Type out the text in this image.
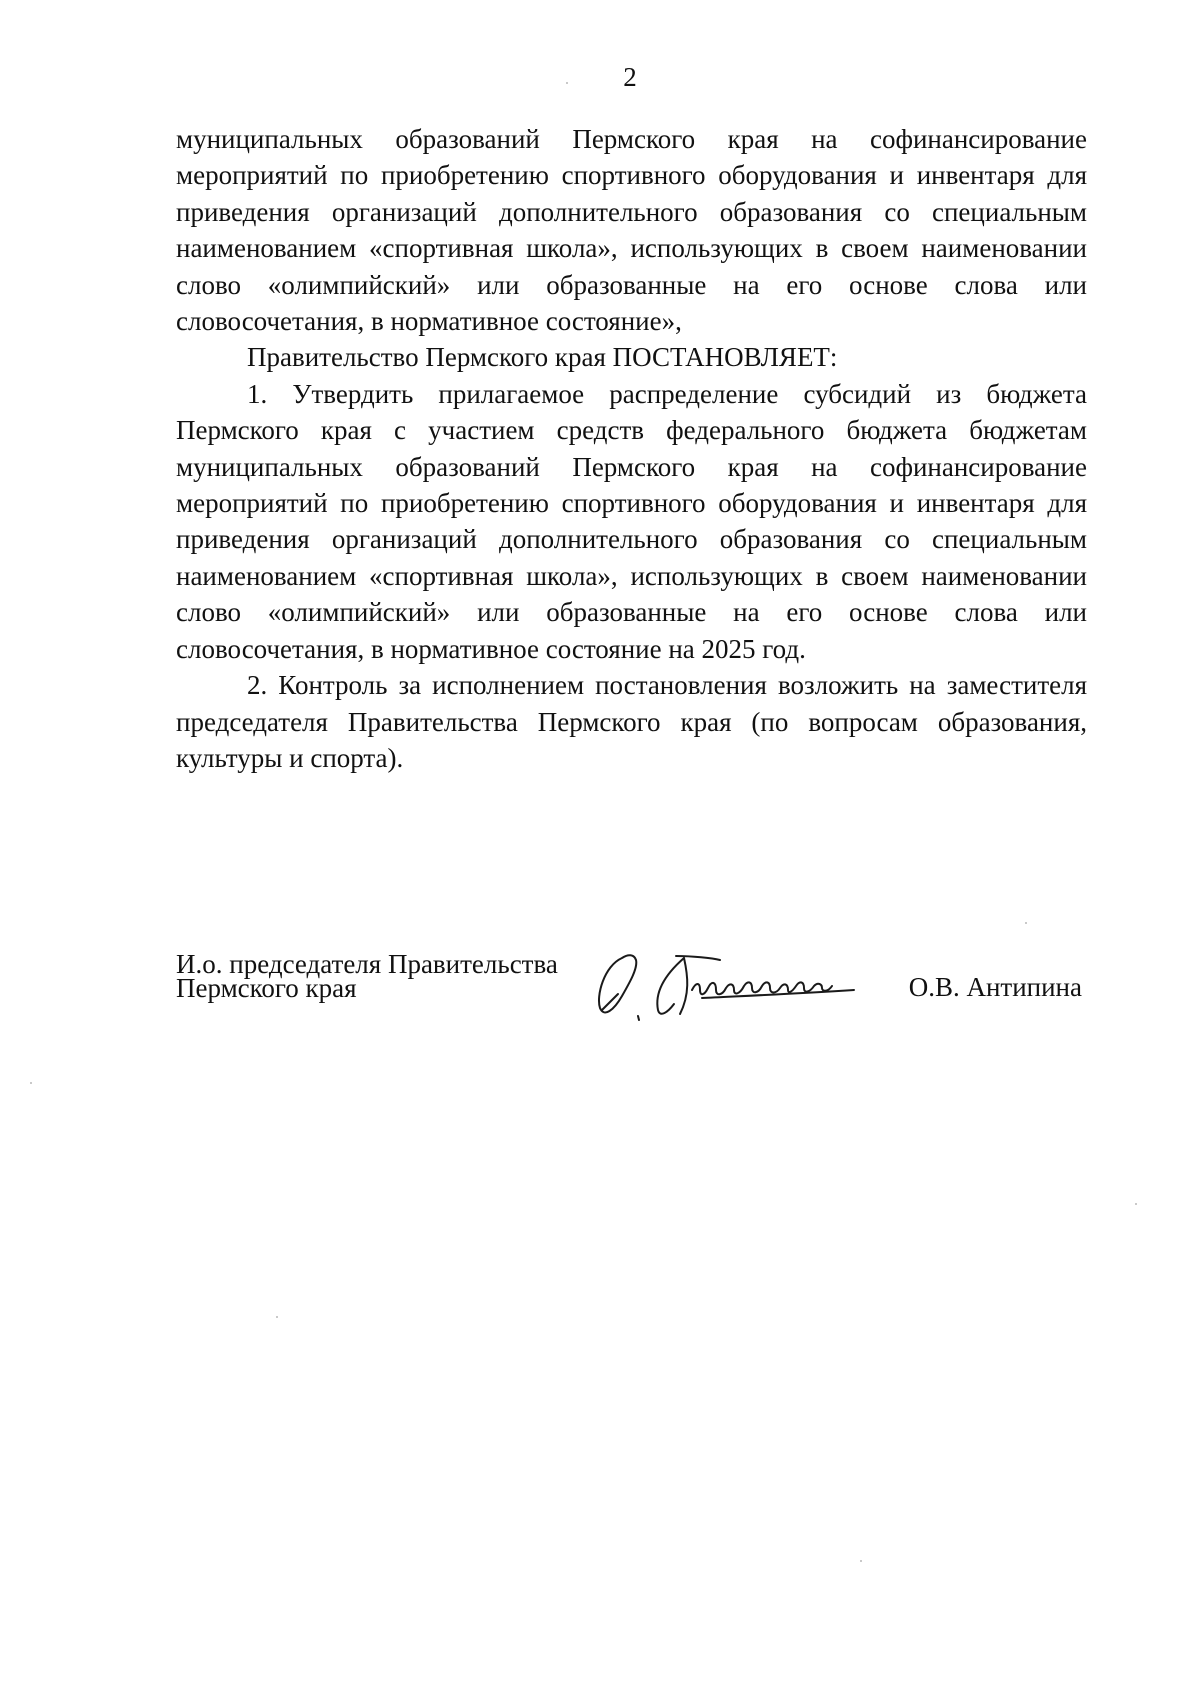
2

муниципальных образований Пермского края на софинансирование мероприятий по приобретению спортивного оборудования и инвентаря для приведения организаций дополнительного образования со специальным наименованием «спортивная школа», использующих в своем наименовании слово «олимпийский» или образованные на его основе слова или словосочетания, в нормативное состояние»,

Правительство Пермского края ПОСТАНОВЛЯЕТ:

1. Утвердить прилагаемое распределение субсидий из бюджета Пермского края с участием средств федерального бюджета бюджетам муниципальных образований Пермского края на софинансирование мероприятий по приобретению спортивного оборудования и инвентаря для приведения организаций дополнительного образования со специальным наименованием «спортивная школа», использующих в своем наименовании слово «олимпийский» или образованные на его основе слова или словосочетания, в нормативное состояние на 2025 год.

2. Контроль за исполнением постановления возложить на заместителя председателя Правительства Пермского края (по вопросам образования, культуры и спорта).

И.о. председателя Правительства
Пермского края	О.В. Антипина
